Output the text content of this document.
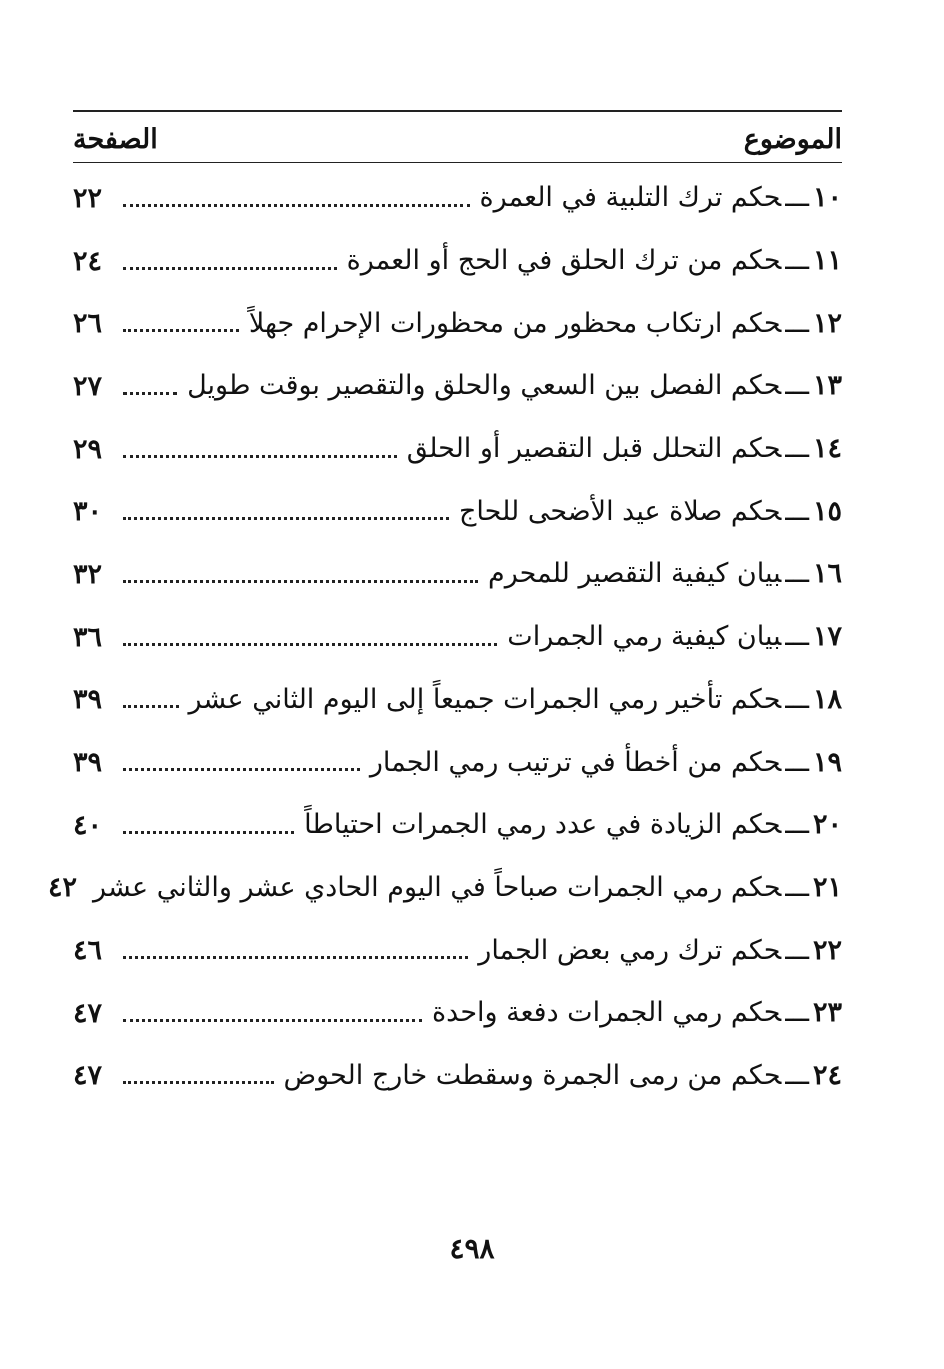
الموضوع
الصفحة
١٠ـــحكم ترك التلبية في العمرة
٢٢
١١ـــحكم من ترك الحلق في الحج أو العمرة
٢٤
١٢ـــحكم ارتكاب محظور من محظورات الإحرام جهلاً
٢٦
١٣ـــحكم الفصل بين السعي والحلق والتقصير بوقت طويل
٢٧
١٤ـــحكم التحلل قبل التقصير أو الحلق
٢٩
١٥ـــحكم صلاة عيد الأضحى للحاج
٣٠
١٦ـــبيان كيفية التقصير للمحرم
٣٢
١٧ـــبيان كيفية رمي الجمرات
٣٦
١٨ـــحكم تأخير رمي الجمرات جميعاً إلى اليوم الثاني عشر
٣٩
١٩ـــحكم من أخطأ في ترتيب رمي الجمار
٣٩
٢٠ـــحكم الزيادة في عدد رمي الجمرات احتياطاً
٤٠
٢١ـــحكم رمي الجمرات صباحاً في اليوم الحادي عشر والثاني عشر
٤٢
٢٢ـــحكم ترك رمي بعض الجمار
٤٦
٢٣ـــحكم رمي الجمرات دفعة واحدة
٤٧
٢٤ـــحكم من رمى الجمرة وسقطت خارج الحوض
٤٧
٤٩٨
